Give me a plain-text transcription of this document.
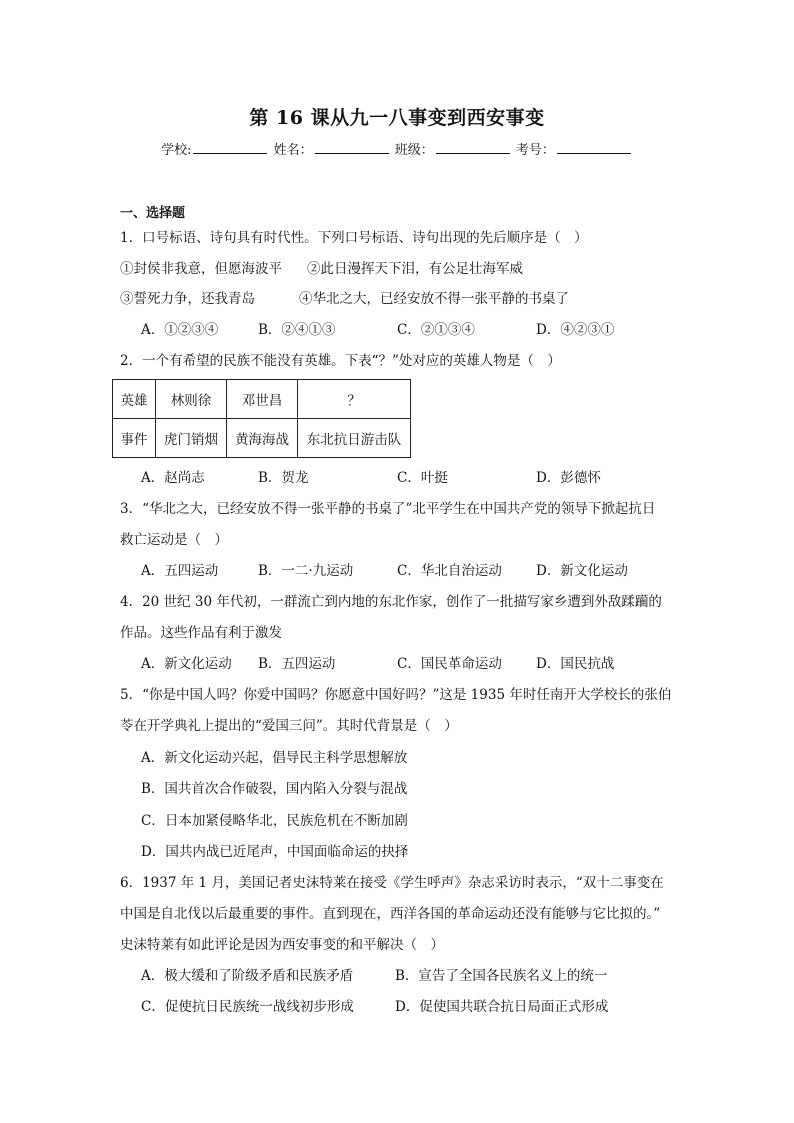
第 16 课从九一八事变到西安事变
学校:	姓名：	班级：	考号：
一、选择题
1．口号标语、诗句具有时代性。下列口号标语、诗句出现的先后顺序是（　）
①封侯非我意，但愿海波平 ②此日漫挥天下泪，有公足壮海军威
③誓死力争，还我青岛	④华北之大，已经安放不得一张平静的书桌了
A．①②③④	B．②④①③	C．②①③④	D．④②③①
2．一个有希望的民族不能没有英雄。下表“？”处对应的英雄人物是（　）
英雄	林则徐	邓世昌	？
事件	虎门销烟	黄海海战	东北抗日游击队
A．赵尚志	B．贺龙	C．叶挺	D．彭德怀
3．“华北之大，已经安放不得一张平静的书桌了”北平学生在中国共产党的领导下掀起抗日
救亡运动是（　）
A．五四运动	B．一二·九运动	C．华北自治运动	D．新文化运动
4．20 世纪 30 年代初，一群流亡到内地的东北作家，创作了一批描写家乡遭到外敌蹂躏的
作品。这些作品有利于激发
A．新文化运动 B．五四运动	C．国民革命运动	D．国民抗战
5．“你是中国人吗？你爱中国吗？你愿意中国好吗？”这是 1935 年时任南开大学校长的张伯
苓在开学典礼上提出的“爱国三问”。其时代背景是（　）
A．新文化运动兴起，倡导民主科学思想解放
B．国共首次合作破裂，国内陷入分裂与混战
C．日本加紧侵略华北，民族危机在不断加剧
D．国共内战已近尾声，中国面临命运的抉择
6．1937 年 1 月，美国记者史沫特莱在接受《学生呼声》杂志采访时表示，“双十二事变在
中国是自北伐以后最重要的事件。直到现在，西洋各国的革命运动还没有能够与它比拟的。”
史沫特莱有如此评论是因为西安事变的和平解决（　）
A．极大缓和了阶级矛盾和民族矛盾	B．宣告了全国各民族名义上的统一
C．促使抗日民族统一战线初步形成	D．促使国共联合抗日局面正式形成
